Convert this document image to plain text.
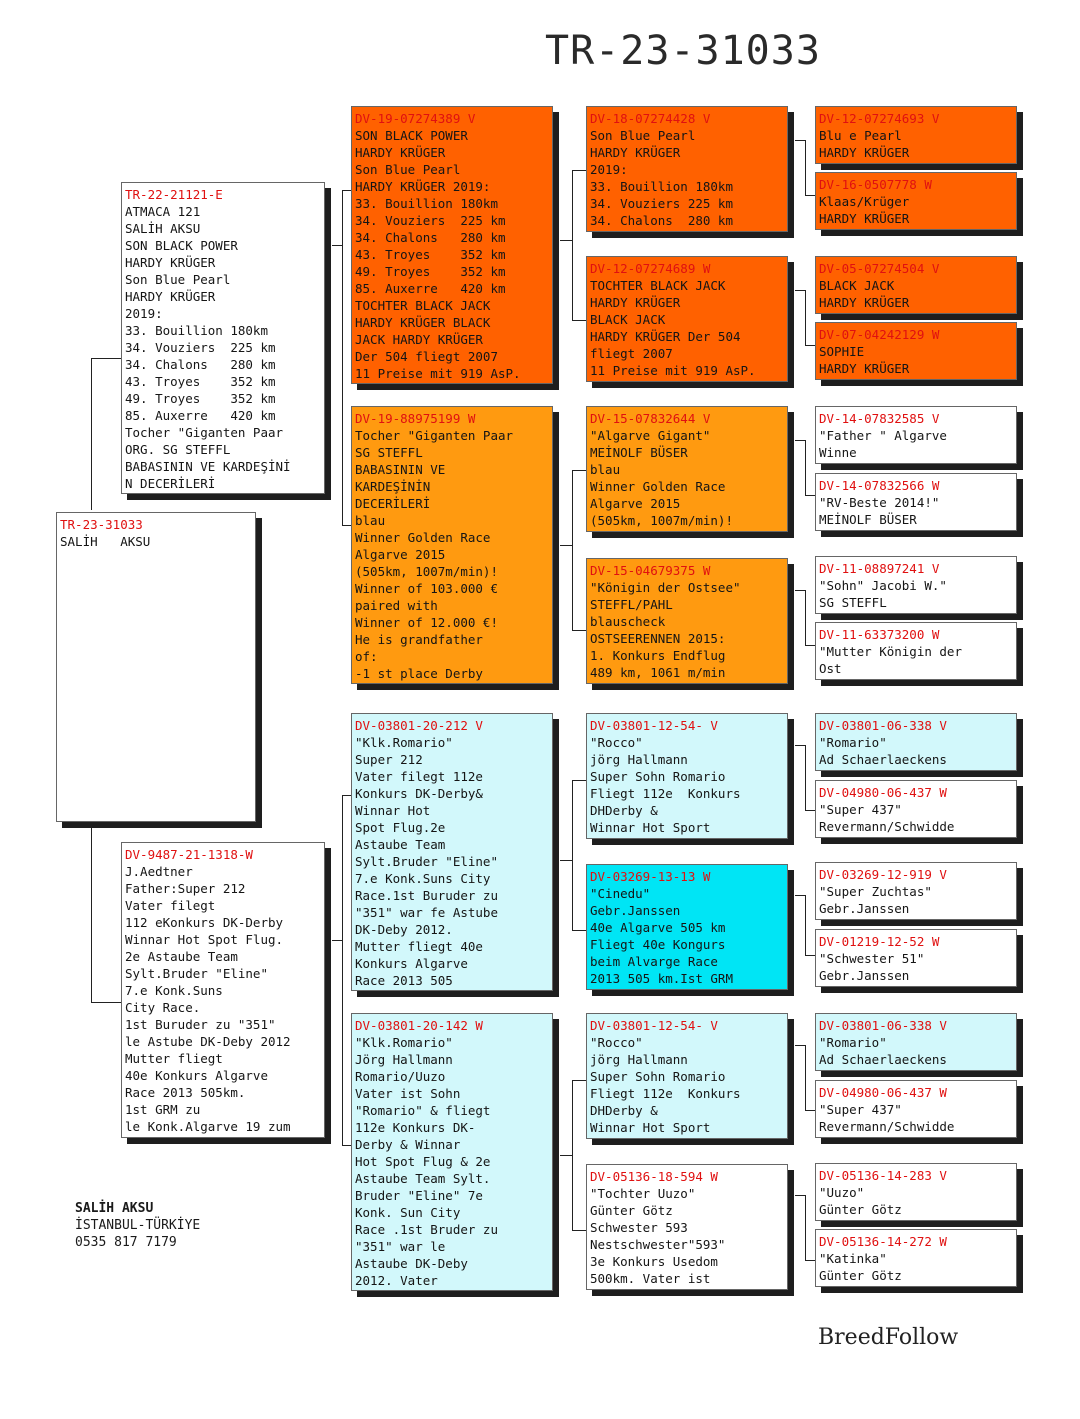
TR-23-31033
TR-23-31033
SALİH   AKSU
TR-22-21121-E
ATMACA 121
SALİH AKSU
SON BLACK POWER
HARDY KRÜGER
Son Blue Pearl
HARDY KRÜGER
2019:
33. Bouillion 180km
34. Vouziers  225 km
34. Chalons   280 km
43. Troyes    352 km
49. Troyes    352 km
85. Auxerre   420 km
Tocher "Giganten Paar
ORG. SG STEFFL
BABASININ VE KARDEŞİNİ
N DECERİLERİ
DV-9487-21-1318-W
J.Aedtner
Father:Super 212
Vater filegt
112 eKonkurs DK-Derby
Winnar Hot Spot Flug.
2e Astaube Team
Sylt.Bruder "Eline"
7.e Konk.Suns
City Race.
1st Buruder zu "351"
le Astube DK-Deby 2012
Mutter fliegt
40e Konkurs Algarve
Race 2013 505km.
1st GRM zu
le Konk.Algarve 19 zum
DV-19-07274389 V
SON BLACK POWER
HARDY KRÜGER
Son Blue Pearl
HARDY KRÜGER 2019:
33. Bouillion 180km
34. Vouziers  225 km
34. Chalons   280 km
43. Troyes    352 km
49. Troyes    352 km
85. Auxerre   420 km
TOCHTER BLACK JACK
HARDY KRÜGER BLACK
JACK HARDY KRÜGER
Der 504 fliegt 2007
11 Preise mit 919 AsP.
DV-19-88975199 W
Tocher "Giganten Paar
SG STEFFL
BABASININ VE
KARDEŞİNİN
DECERİLERİ
blau
Winner Golden Race
Algarve 2015
(505km, 1007m/min)!
Winner of 103.000 €
paired with
Winner of 12.000 €!
He is grandfather
of:
-1 st place Derby
DV-03801-20-212 V
"Klk.Romario"
Super 212
Vater filegt 112e
Konkurs DK-Derby&
Winnar Hot
Spot Flug.2e
Astaube Team
Sylt.Bruder "Eline"
7.e Konk.Suns City
Race.1st Buruder zu
"351" war fe Astube
DK-Deby 2012.
Mutter fliegt 40e
Konkurs Algarve
Race 2013 505
DV-03801-20-142 W
"Klk.Romario"
Jörg Hallmann
Romario/Uuzo
Vater ist Sohn
"Romario" & fliegt
112e Konkurs DK-
Derby & Winnar
Hot Spot Flug & 2e
Astaube Team Sylt.
Bruder "Eline" 7e
Konk. Sun City
Race .1st Bruder zu
"351" war le
Astaube DK-Deby
2012. Vater
DV-18-07274428 V
Son Blue Pearl
HARDY KRÜGER
2019:
33. Bouillion 180km
34. Vouziers 225 km
34. Chalons  280 km
DV-12-07274689 W
TOCHTER BLACK JACK
HARDY KRÜGER
BLACK JACK
HARDY KRÜGER Der 504
fliegt 2007
11 Preise mit 919 AsP.
DV-15-07832644 V
"Algarve Gigant"
MEİNOLF BÜSER
blau
Winner Golden Race
Algarve 2015
(505km, 1007m/min)!
DV-15-04679375 W
"Königin der Ostsee"
STEFFL/PAHL
blauscheck
OSTSEERENNEN 2015:
1. Konkurs Endflug
489 km, 1061 m/min
DV-03801-12-54- V
"Rocco"
jörg Hallmann
Super Sohn Romario
Fliegt 112e  Konkurs
DHDerby &
Winnar Hot Sport
DV-03269-13-13 W
"Cinedu"
Gebr.Janssen
40e Algarve 505 km
Fliegt 40e Kongurs
beim Alvarge Race
2013 505 km.Ist GRM
DV-03801-12-54- V
"Rocco"
jörg Hallmann
Super Sohn Romario
Fliegt 112e  Konkurs
DHDerby &
Winnar Hot Sport
DV-05136-18-594 W
"Tochter Uuzo"
Günter Götz
Schwester 593
Nestschwester"593"
3e Konkurs Usedom
500km. Vater ist
DV-12-07274693 V
Blu e Pearl
HARDY KRÜGER
DV-16-0507778 W
Klaas/Krüger
HARDY KRÜGER
DV-05-07274504 V
BLACK JACK
HARDY KRÜGER
DV-07-04242129 W
SOPHIE
HARDY KRÜGER
DV-14-07832585 V
"Father " Algarve
Winne
DV-14-07832566 W
"RV-Beste 2014!"
MEİNOLF BÜSER
DV-11-08897241 V
"Sohn" Jacobi W."
SG STEFFL
DV-11-63373200 W
"Mutter Königin der
Ost
DV-03801-06-338 V
"Romario"
Ad Schaerlaeckens
DV-04980-06-437 W
"Super 437"
Revermann/Schwidde
DV-03269-12-919 V
"Super Zuchtas"
Gebr.Janssen
DV-01219-12-52 W
"Schwester 51"
Gebr.Janssen
DV-03801-06-338 V
"Romario"
Ad Schaerlaeckens
DV-04980-06-437 W
"Super 437"
Revermann/Schwidde
DV-05136-14-283 V
"Uuzo"
Günter Götz
DV-05136-14-272 W
"Katinka"
Günter Götz
SALİH AKSU
İSTANBUL-TÜRKİYE
0535 817 7179
BreedFollow
